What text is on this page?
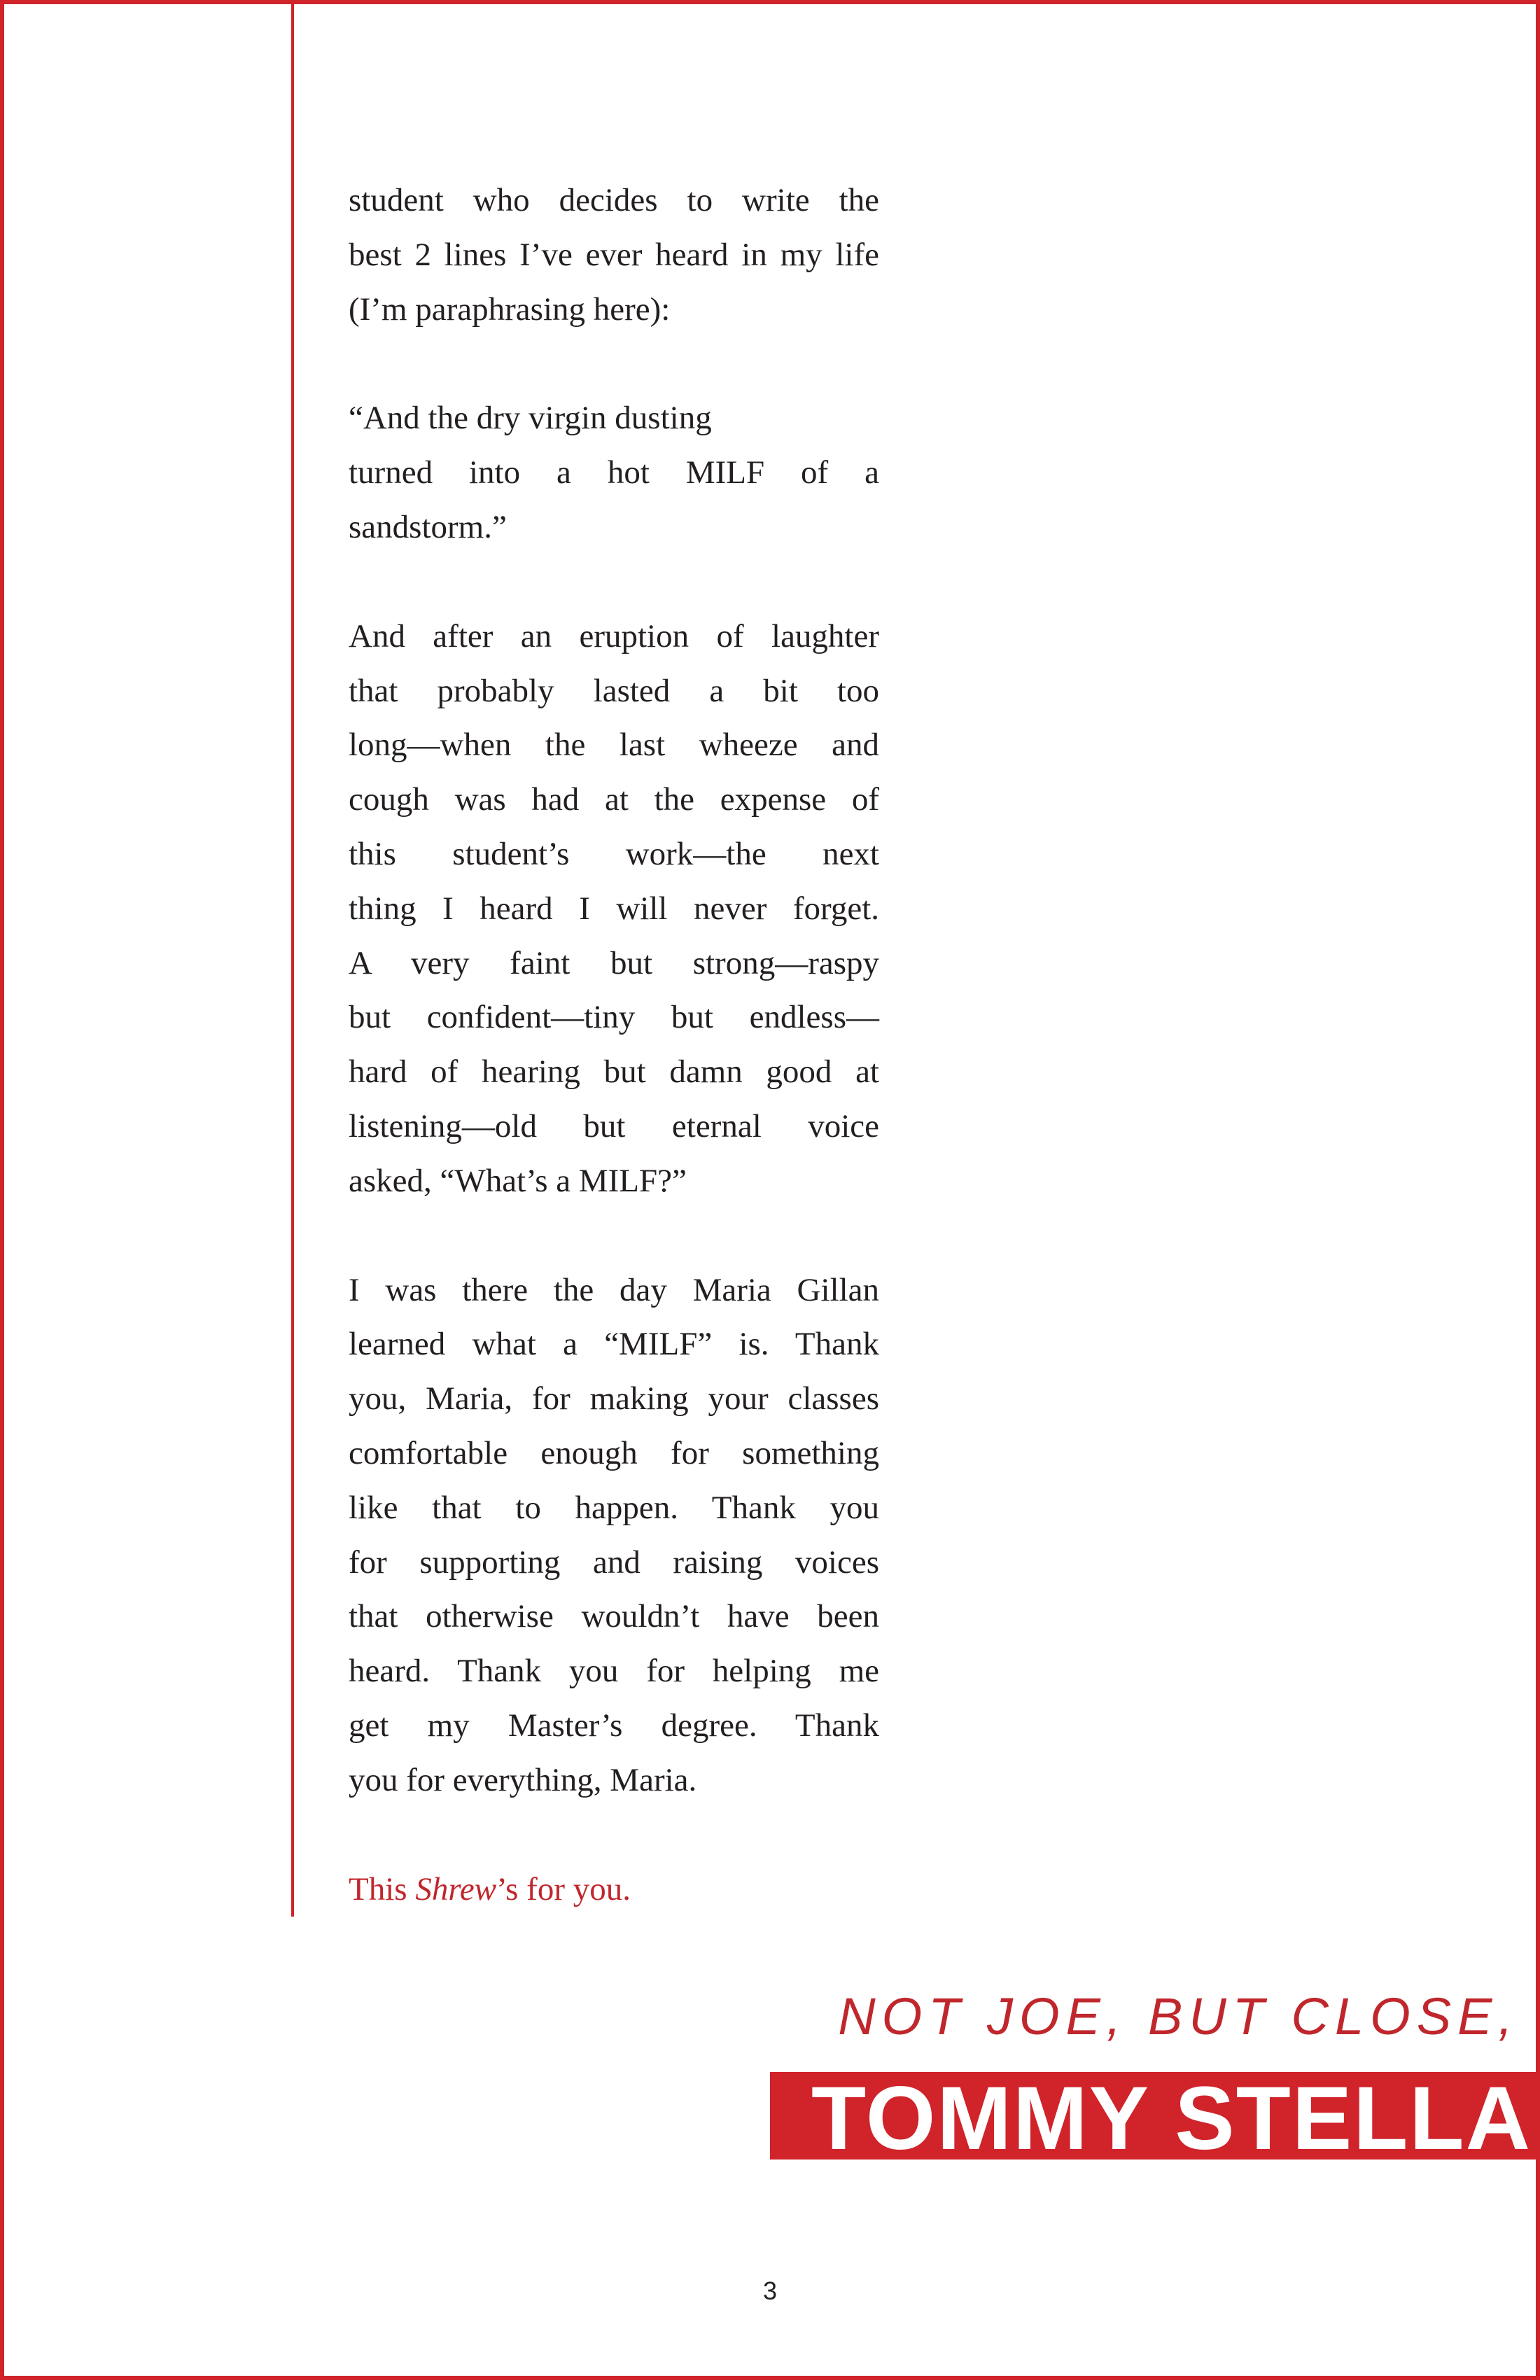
student who decides to write the
best 2 lines I’ve ever heard in my life
(I’m paraphrasing here):

“And the dry virgin dusting
turned into a hot MILF of a
sandstorm.”

And after an eruption of laughter
that probably lasted a bit too
long—when the last wheeze and
cough was had at the expense of
this student’s work—the next
thing I heard I will never forget.
A very faint but strong—raspy
but confident—tiny but endless—
hard of hearing but damn good at
listening—old but eternal voice
asked, “What’s a MILF?”

I was there the day Maria Gillan
learned what a “MILF” is. Thank
you, Maria, for making your classes
comfortable enough for something
like that to happen. Thank you
for supporting and raising voices
that otherwise wouldn’t have been
heard. Thank you for helping me
get my Master’s degree. Thank
you for everything, Maria.

This Shrew’s for you.

NOT JOE, BUT CLOSE,
TOMMY STELLA
3
